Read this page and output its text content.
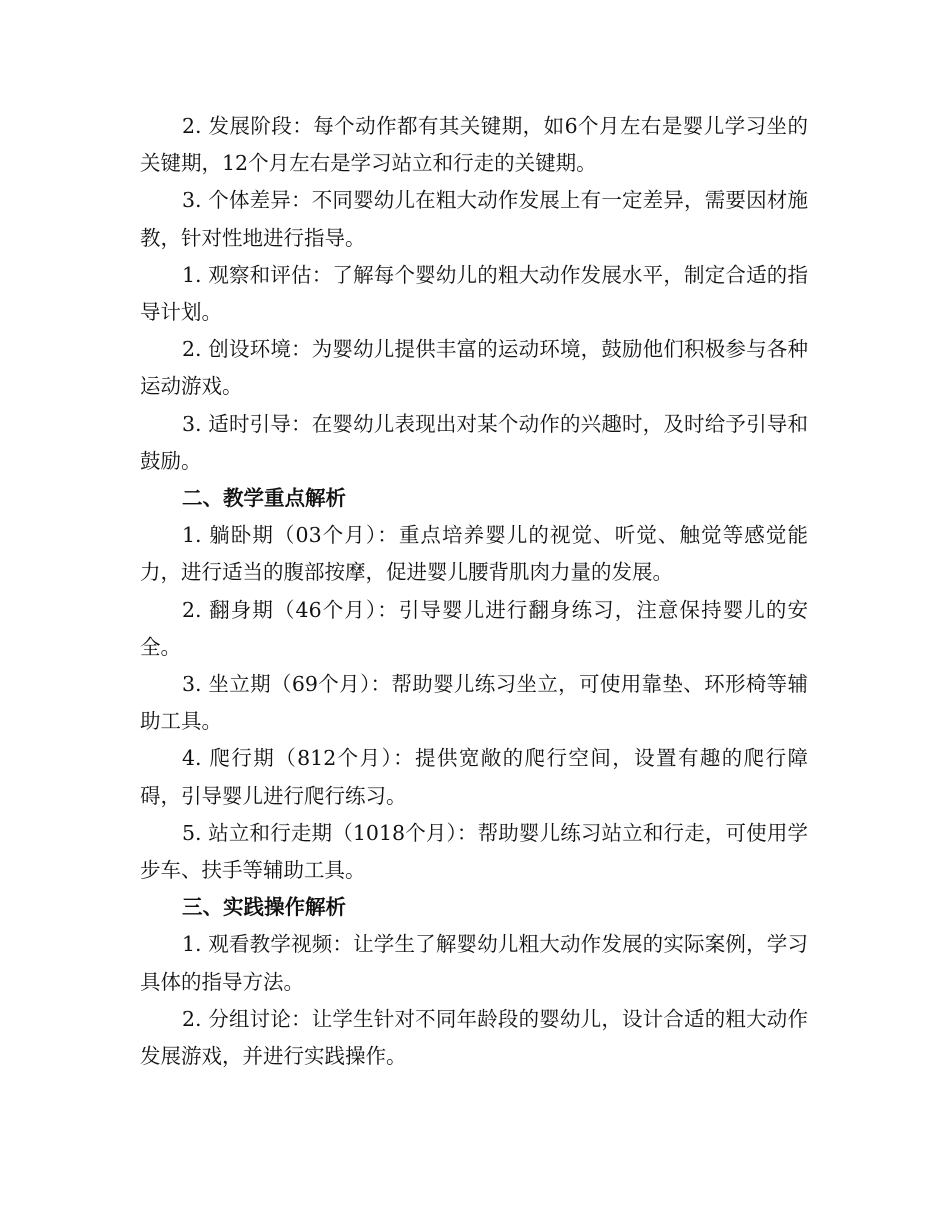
2. 发展阶段：每个动作都有其关键期，如6个月左右是婴儿学习坐的关键期，12个月左右是学习站立和行走的关键期。

3. 个体差异：不同婴幼儿在粗大动作发展上有一定差异，需要因材施教，针对性地进行指导。

1. 观察和评估：了解每个婴幼儿的粗大动作发展水平，制定合适的指导计划。

2. 创设环境：为婴幼儿提供丰富的运动环境，鼓励他们积极参与各种运动游戏。

3. 适时引导：在婴幼儿表现出对某个动作的兴趣时，及时给予引导和鼓励。

二、教学重点解析

1. 躺卧期（03个月）：重点培养婴儿的视觉、听觉、触觉等感觉能力，进行适当的腹部按摩，促进婴儿腰背肌肉力量的发展。

2. 翻身期（46个月）：引导婴儿进行翻身练习，注意保持婴儿的安全。

3. 坐立期（69个月）：帮助婴儿练习坐立，可使用靠垫、环形椅等辅助工具。

4. 爬行期（812个月）：提供宽敞的爬行空间，设置有趣的爬行障碍，引导婴儿进行爬行练习。

5. 站立和行走期（1018个月）：帮助婴儿练习站立和行走，可使用学步车、扶手等辅助工具。

三、实践操作解析

1. 观看教学视频：让学生了解婴幼儿粗大动作发展的实际案例，学习具体的指导方法。

2. 分组讨论：让学生针对不同年龄段的婴幼儿，设计合适的粗大动作发展游戏，并进行实践操作。
